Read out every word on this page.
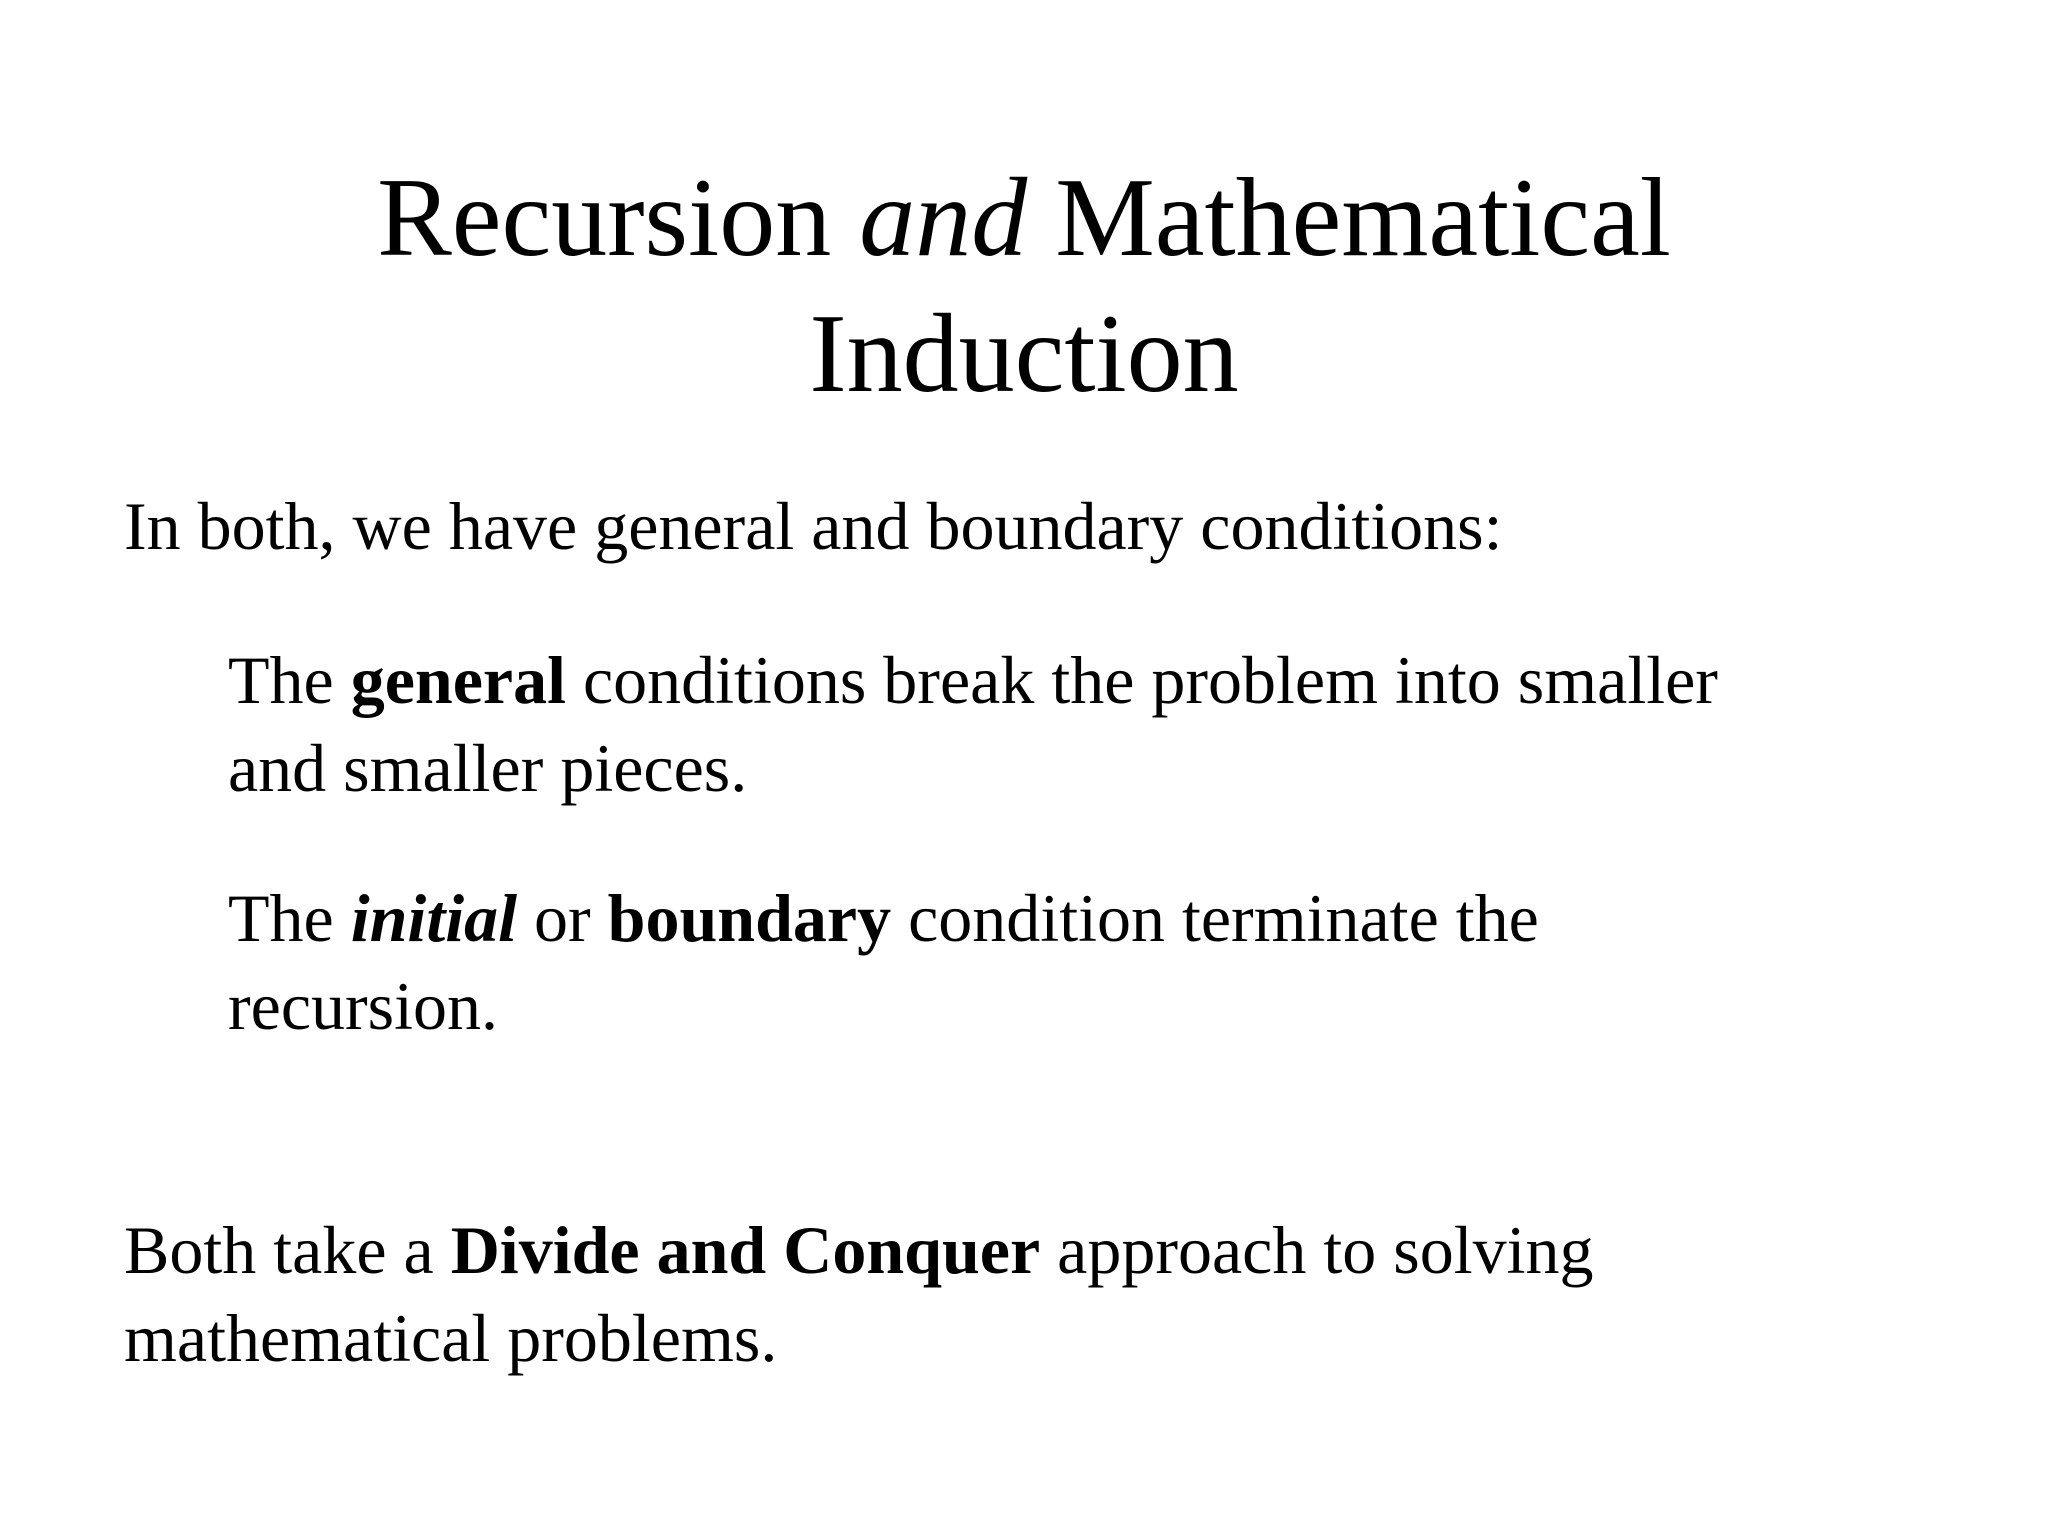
Recursion and Mathematical
Induction

In both, we have general and boundary conditions:

The general conditions break the problem into smaller
and smaller pieces.

The initial or boundary condition terminate the
recursion.

Both take a Divide and Conquer approach to solving
mathematical problems.
